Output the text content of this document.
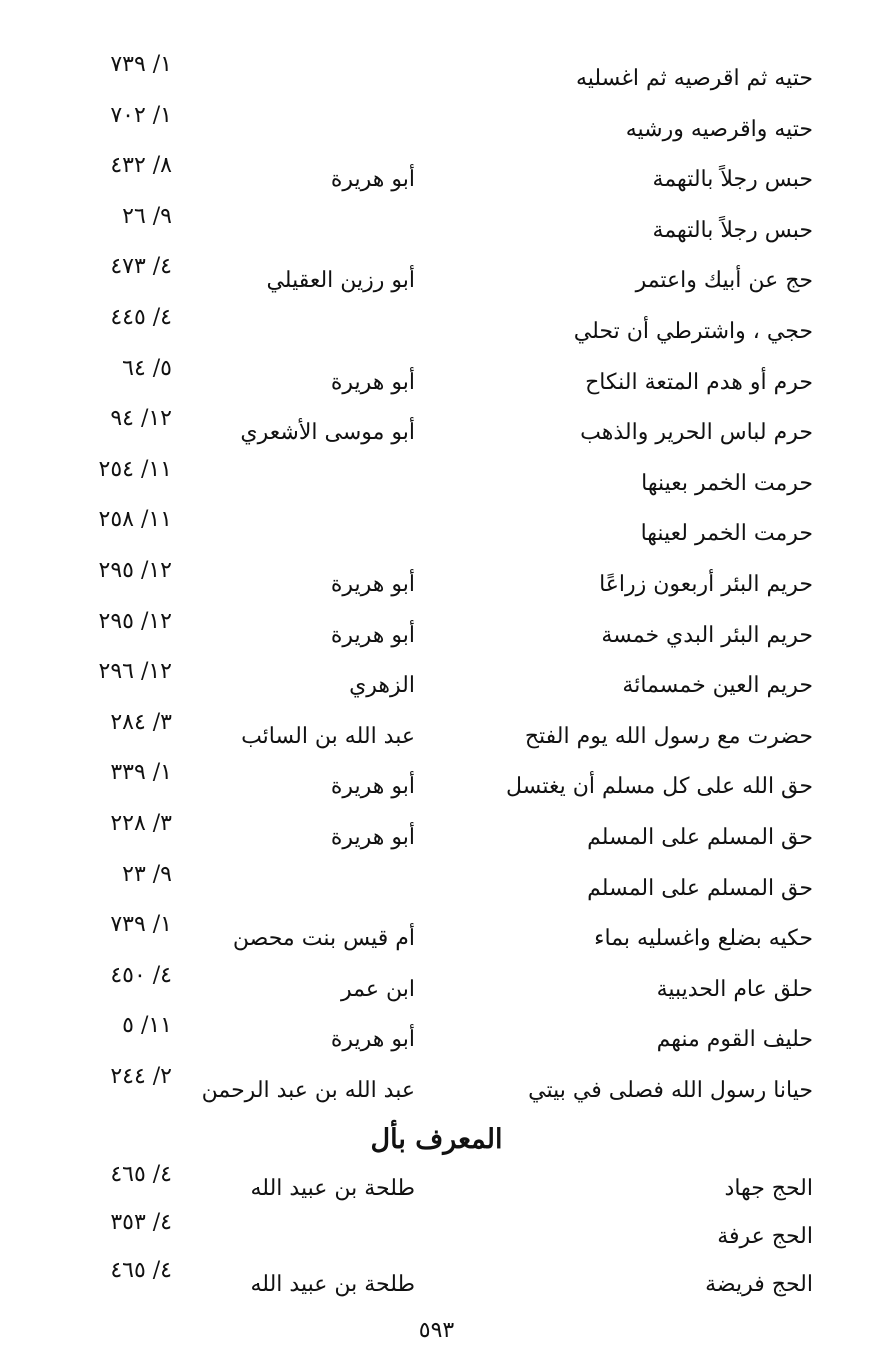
حتيه ثم اقرصيه ثم اغسليه
١/ ٧٣٩
حتيه واقرصيه ورشيه
١/ ٧٠٢
حبس رجلاً بالتهمة
أبو هريرة
٨/ ٤٣٢
حبس رجلاً بالتهمة
٩/ ٢٦
حج عن أبيك واعتمر
أبو رزين العقيلي
٤/ ٤٧٣
حجي ، واشترطي أن تحلي
٤/ ٤٤٥
حرم أو هدم المتعة النكاح
أبو هريرة
٥/ ٦٤
حرم لباس الحرير والذهب
أبو موسى الأشعري
١٢/ ٩٤
حرمت الخمر بعينها
١١/ ٢٥٤
حرمت الخمر لعينها
١١/ ٢٥٨
حريم البئر أربعون زراعًا
أبو هريرة
١٢/ ٢٩٥
حريم البئر البدي خمسة
أبو هريرة
١٢/ ٢٩٥
حريم العين خمسمائة
الزهري
١٢/ ٢٩٦
حضرت مع رسول الله يوم الفتح
عبد الله بن السائب
٣/ ٢٨٤
حق الله على كل مسلم أن يغتسل
أبو هريرة
١/ ٣٣٩
حق المسلم على المسلم
أبو هريرة
٣/ ٢٢٨
حق المسلم على المسلم
٩/ ٢٣
حكيه بضلع واغسليه بماء
أم قيس بنت محصن
١/ ٧٣٩
حلق عام الحديبية
ابن عمر
٤/ ٤٥٠
حليف القوم منهم
أبو هريرة
١١/ ٥
حيانا رسول الله فصلى في بيتي
عبد الله بن عبد الرحمن
٢/ ٢٤٤
المعرف بأل
الحج جهاد
طلحة بن عبيد الله
٤/ ٤٦٥
الحج عرفة
٤/ ٣٥٣
الحج فريضة
طلحة بن عبيد الله
٤/ ٤٦٥
٥٩٣
